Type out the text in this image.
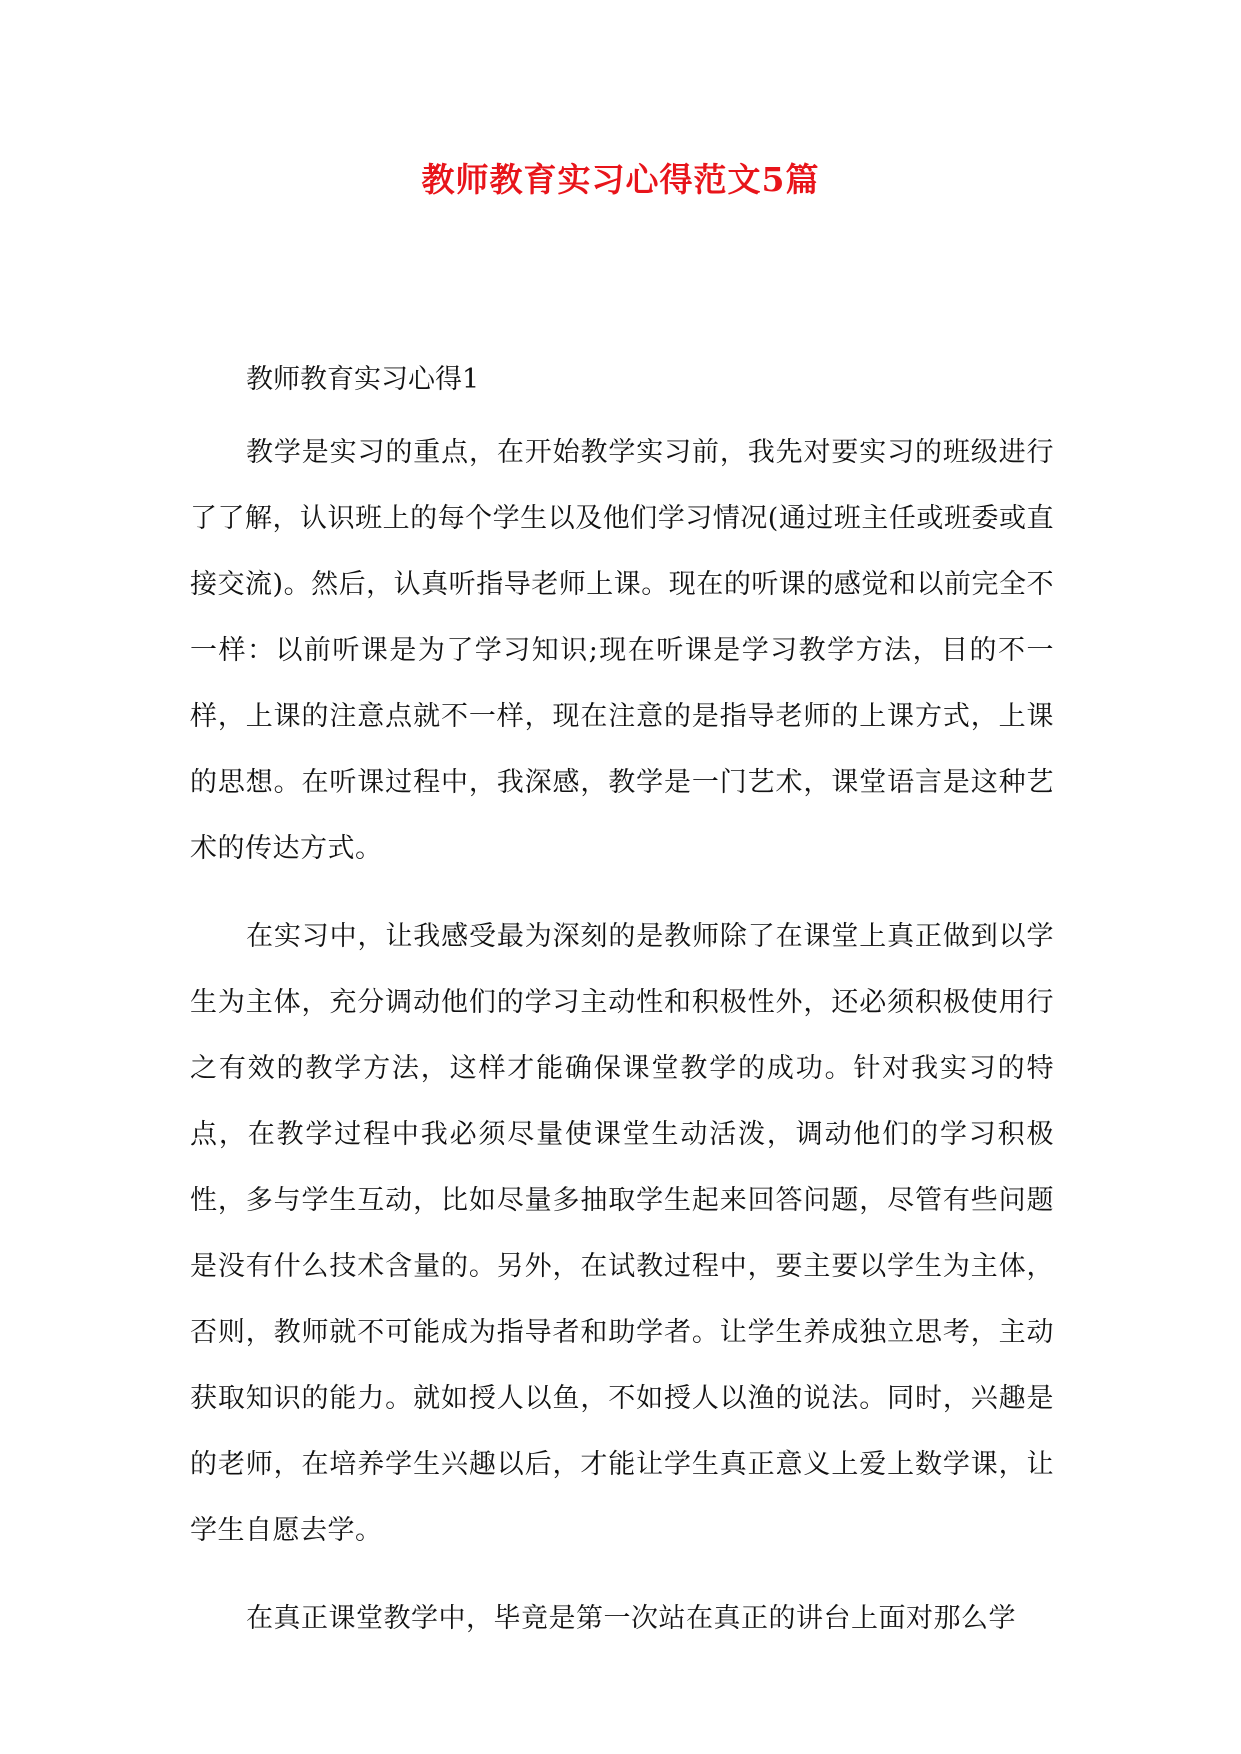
教师教育实习心得范文5篇
教师教育实习心得1

教学是实习的重点，在开始教学实习前，我先对要实习的班级进行了了解，认识班上的每个学生以及他们学习情况(通过班主任或班委或直接交流)。然后，认真听指导老师上课。现在的听课的感觉和以前完全不一样：以前听课是为了学习知识;现在听课是学习教学方法，目的不一样，上课的注意点就不一样，现在注意的是指导老师的上课方式，上课的思想。在听课过程中，我深感，教学是一门艺术，课堂语言是这种艺术的传达方式。

在实习中，让我感受最为深刻的是教师除了在课堂上真正做到以学生为主体，充分调动他们的学习主动性和积极性外，还必须积极使用行之有效的教学方法，这样才能确保课堂教学的成功。针对我实习的特点，在教学过程中我必须尽量使课堂生动活泼，调动他们的学习积极性，多与学生互动，比如尽量多抽取学生起来回答问题，尽管有些问题是没有什么技术含量的。另外，在试教过程中，要主要以学生为主体，否则，教师就不可能成为指导者和助学者。让学生养成独立思考，主动获取知识的能力。就如授人以鱼，不如授人以渔的说法。同时，兴趣是的老师，在培养学生兴趣以后，才能让学生真正意义上爱上数学课，让学生自愿去学。

在真正课堂教学中，毕竟是第一次站在真正的讲台上面对那么学
